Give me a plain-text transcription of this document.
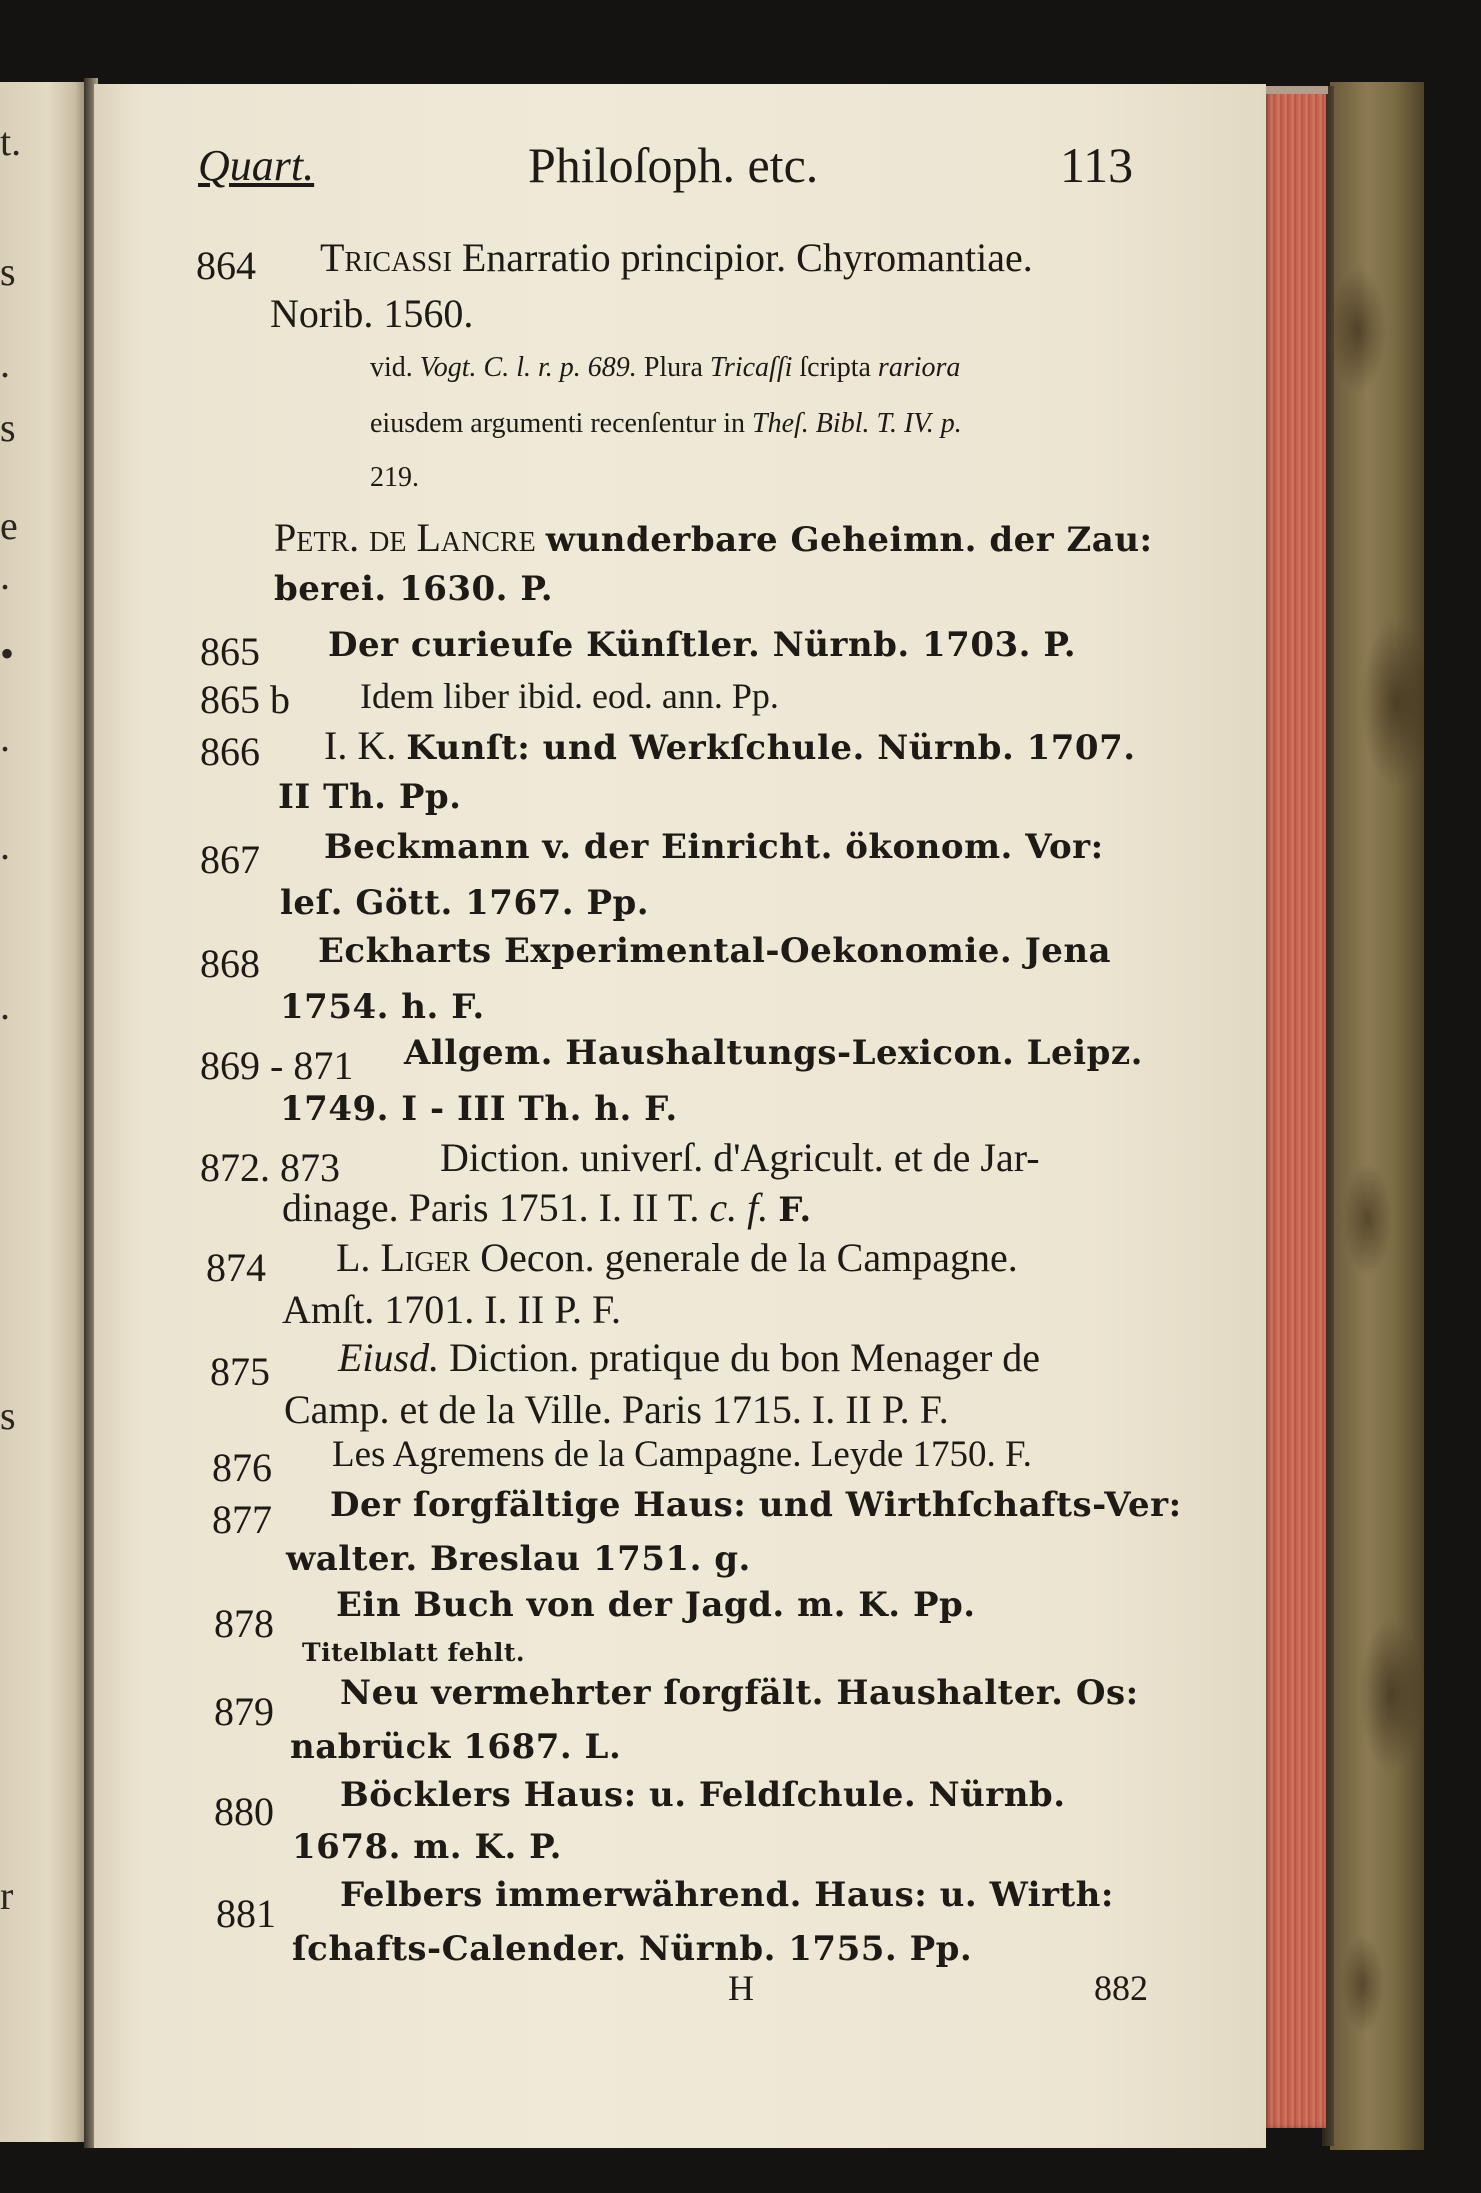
t.
s
.
s
e
.
•
.
.
.
s
r
Quart.	Philoſoph. etc.	113
864 Tricassi Enarratio principior. Chyromantiae.
Norib. 1560.
vid. Vogt. C. l. r. p. 689. Plura Tricaſſi ſcripta rariora
eiusdem argumenti recenſentur in Theſ. Bibl. T. IV. p.
219.
Petr. de Lancre wunderbare Geheimn. der Zau:
berei. 1630. P.
865 Der curieuſe Künſtler. Nürnb. 1703. P.
865 b Idem liber ibid. eod. ann. Pp.
866 I. K. Kunſt: und Werkſchule. Nürnb. 1707.
II Th. Pp.
867 Beckmann v. der Einricht. ökonom. Vor:
leſ. Gött. 1767. Pp.
868 Eckharts Experimental-Oekonomie. Jena
1754. h. F.
869 - 871 Allgem. Haushaltungs-Lexicon. Leipz.
1749. I - III Th. h. F.
872. 873	Diction. univerſ. d'Agricult. et de Jar-
dinage. Paris 1751. I. II T. c. f. F.
874 L. Liger Oecon. generale de la Campagne.
Amſt. 1701. I. II P. F.
875 Eiusd. Diction. pratique du bon Menager de
Camp. et de la Ville. Paris 1715. I. II P. F.
876 Les Agremens de la Campagne. Leyde 1750. F.
877 Der ſorgfältige Haus: und Wirthſchafts-Ver:
walter. Breslau 1751. g.
878 Ein Buch von der Jagd. m. K. Pp.
Titelblatt fehlt.
879 Neu vermehrter ſorgfält. Haushalter. Os:
nabrück 1687. L.
880 Böcklers Haus: u. Feldſchule. Nürnb.
1678. m. K. P.
881 Felbers immerwährend. Haus: u. Wirth:
ſchafts-Calender. Nürnb. 1755. Pp.
H	882
